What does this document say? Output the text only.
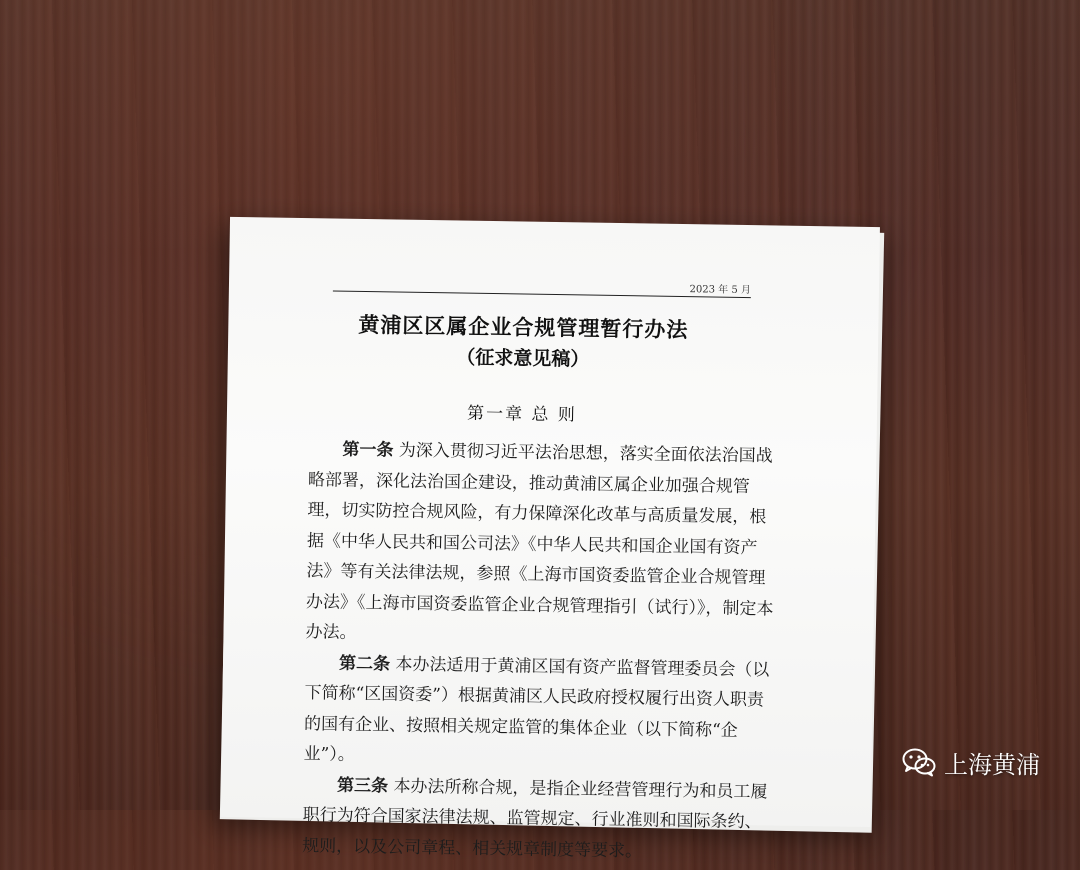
2023 年 5 月
黄浦区区属企业合规管理暂行办法
（征求意见稿）
第一章 总 则

第一条 为深入贯彻习近平法治思想，落实全面依法治国战略部署，深化法治国企建设，推动黄浦区属企业加强合规管理，切实防控合规风险，有力保障深化改革与高质量发展，根据《中华人民共和国公司法》《中华人民共和国企业国有资产法》等有关法律法规，参照《上海市国资委监管企业合规管理办法》《上海市国资委监管企业合规管理指引（试行）》，制定本办法。

第二条 本办法适用于黄浦区国有资产监督管理委员会（以下简称“区国资委”）根据黄浦区人民政府授权履行出资人职责的国有企业、按照相关规定监管的集体企业（以下简称“企业”）。

第三条 本办法所称合规，是指企业经营管理行为和员工履职行为符合国家法律法规、监管规定、行业准则和国际条约、规则，以及公司章程、相关规章制度等要求。

上海黄浦
